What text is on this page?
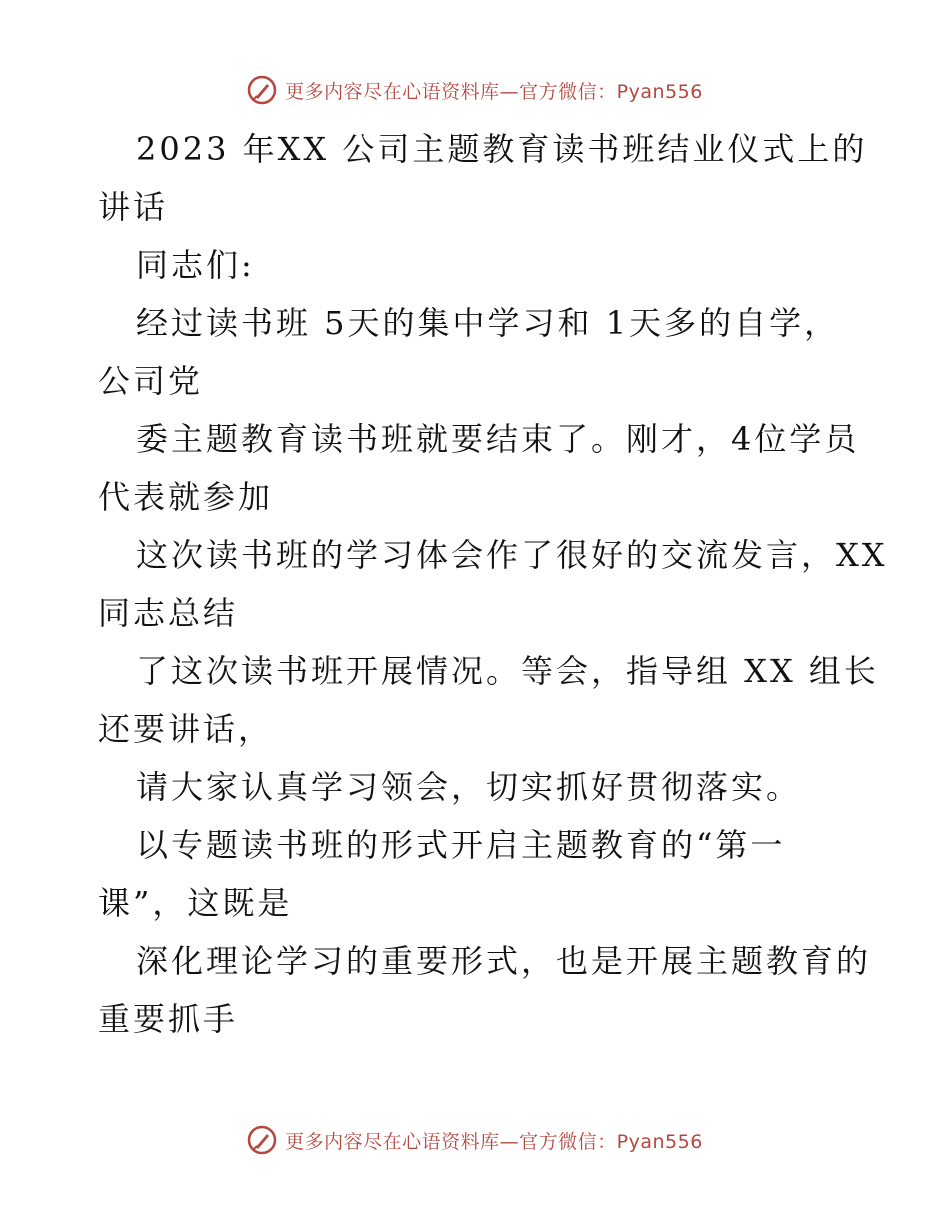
更多内容尽在心语资料库—官方微信：Pyan556
2023 年XX 公司主题教育读书班结业仪式上的
讲话
同志们:
经过读书班 5天的集中学习和 1天多的自学，
公司党
委主题教育读书班就要结束了。刚才，4位学员
代表就参加
这次读书班的学习体会作了很好的交流发言，XX
同志总结
了这次读书班开展情况。等会，指导组 XX 组长
还要讲话，
请大家认真学习领会，切实抓好贯彻落实。
以专题读书班的形式开启主题教育的“第一
课”，这既是
深化理论学习的重要形式，也是开展主题教育的
重要抓手
更多内容尽在心语资料库—官方微信：Pyan556
